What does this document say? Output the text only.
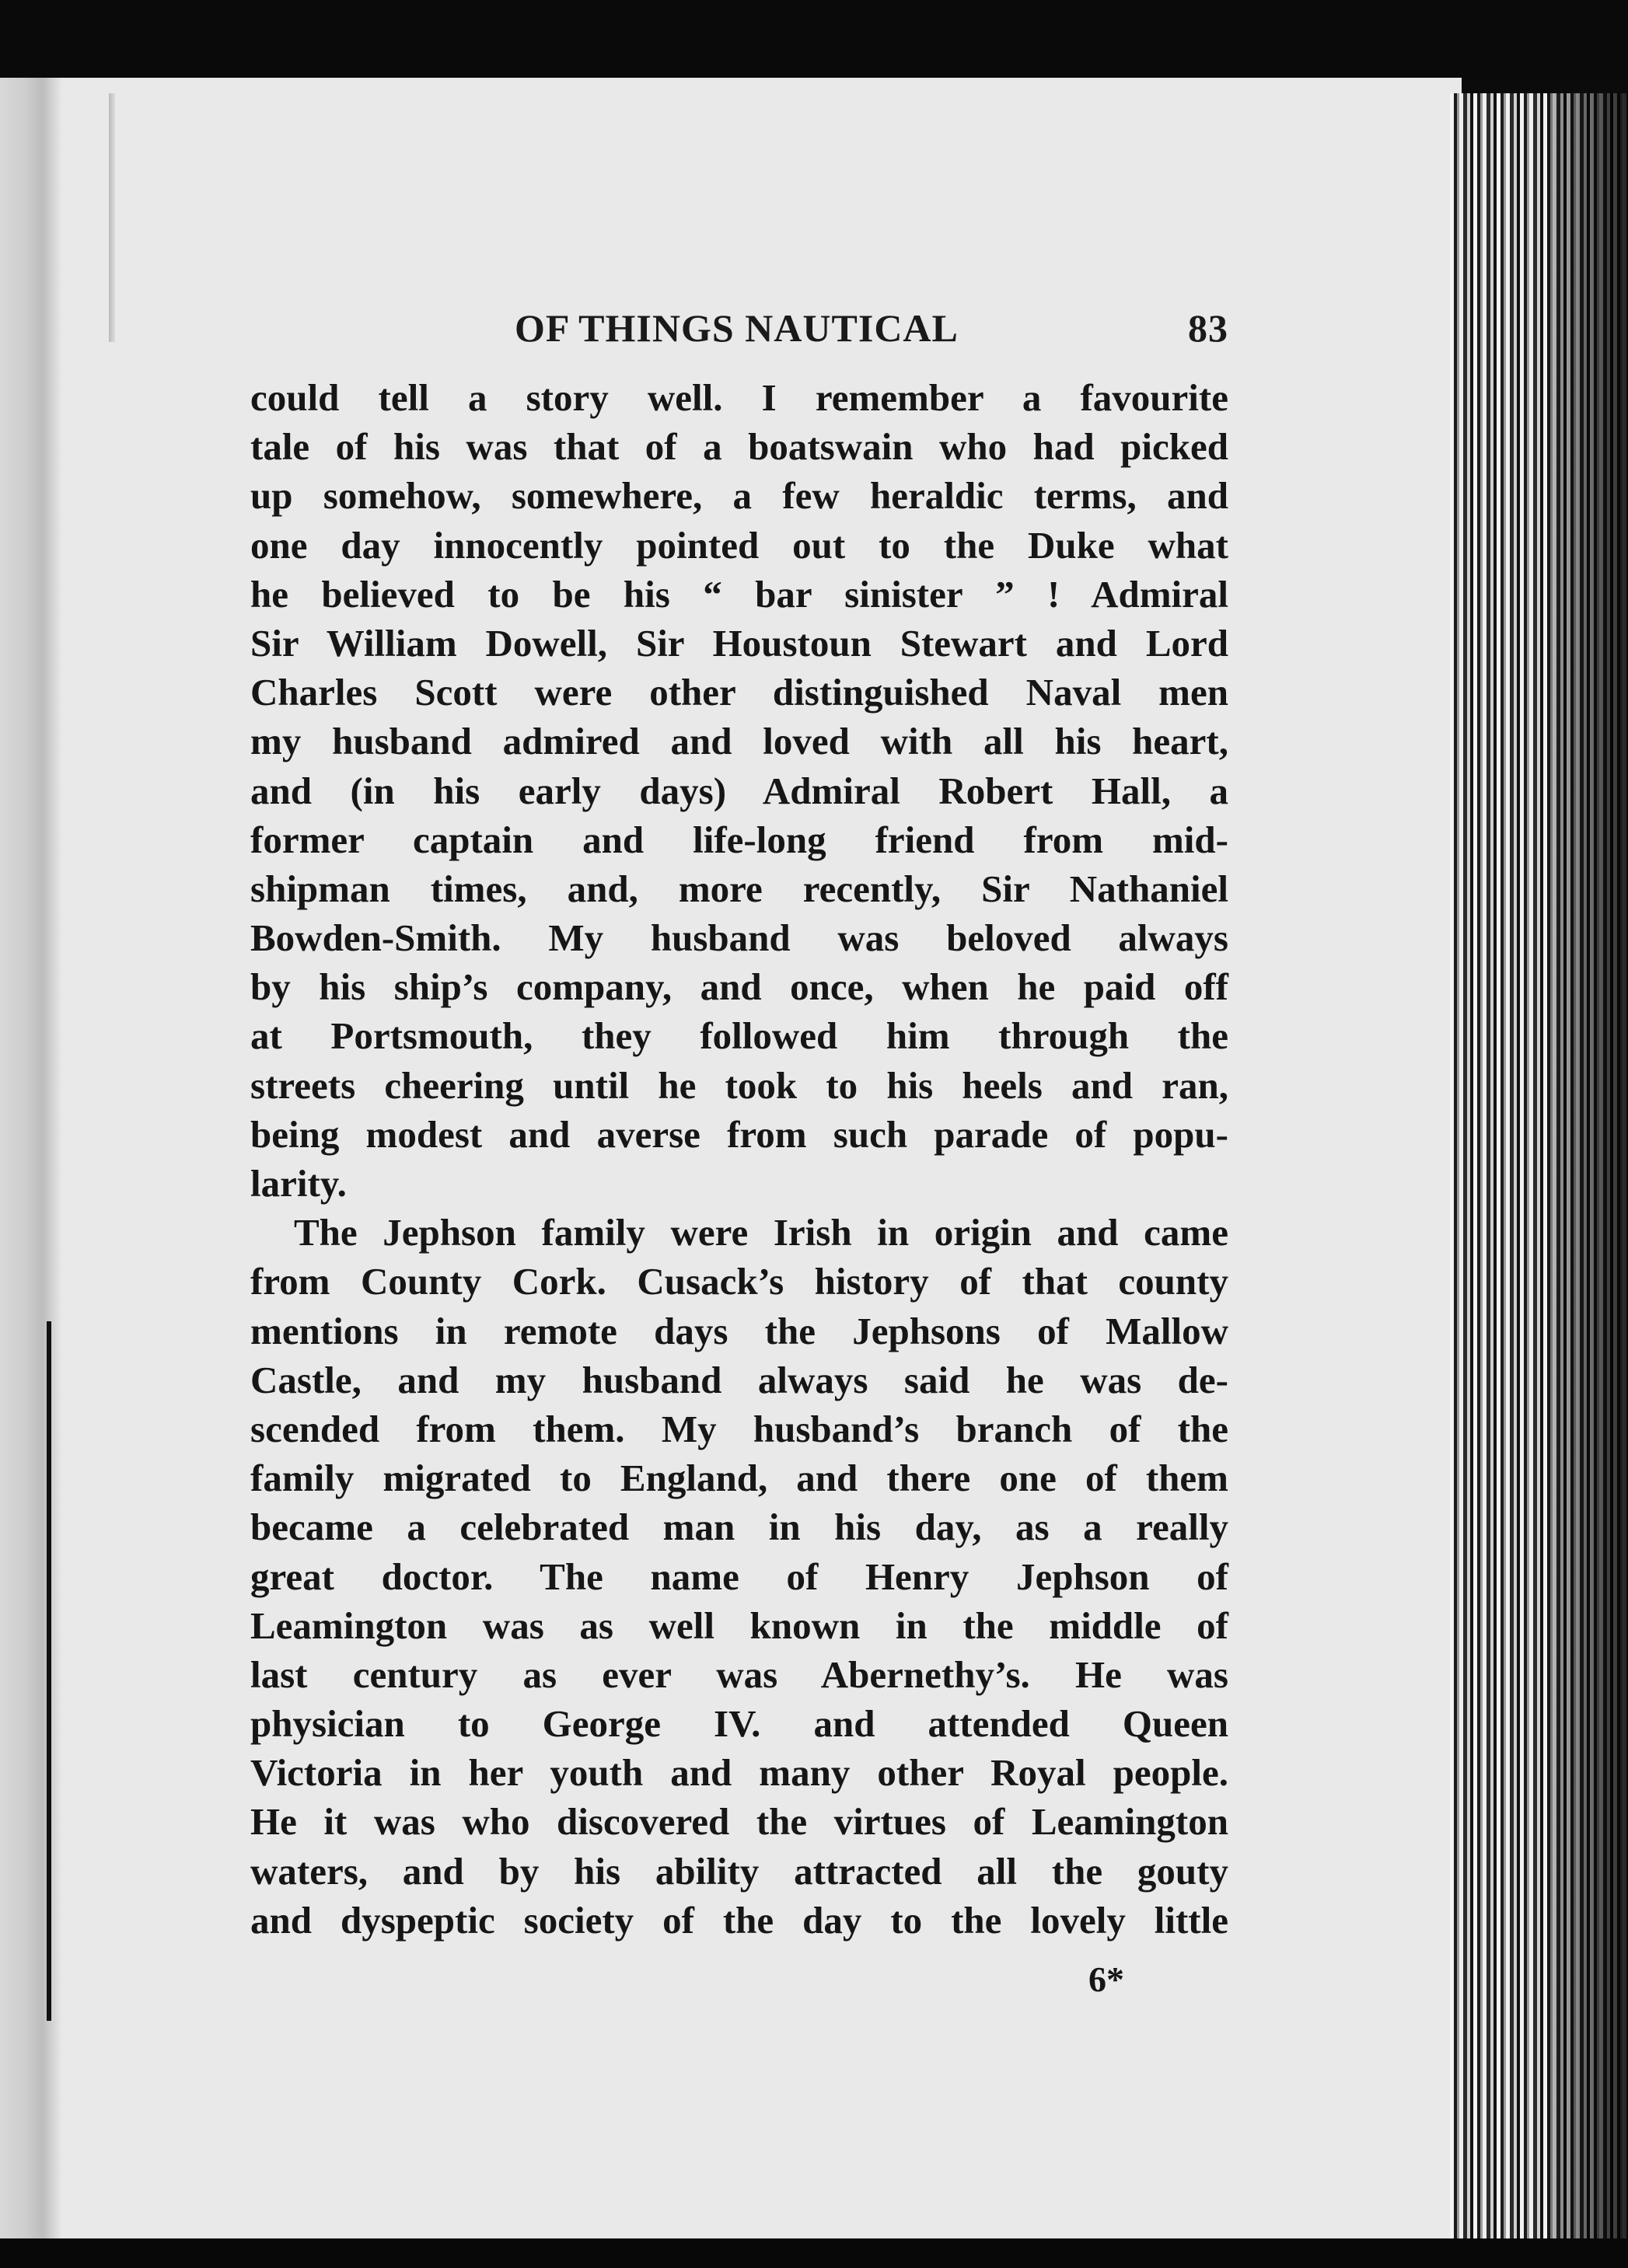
OF THINGS NAUTICAL	83
could tell a story well. I remember a favourite
tale of his was that of a boatswain who had picked
up somehow, somewhere, a few heraldic terms, and
one day innocently pointed out to the Duke what
he believed to be his “ bar sinister ” ! Admiral
Sir William Dowell, Sir Houstoun Stewart and Lord
Charles Scott were other distinguished Naval men
my husband admired and loved with all his heart,
and (in his early days) Admiral Robert Hall, a
former captain and life-long friend from mid-
shipman times, and, more recently, Sir Nathaniel
Bowden-Smith. My husband was beloved always
by his ship’s company, and once, when he paid off
at Portsmouth, they followed him through the
streets cheering until he took to his heels and ran,
being modest and averse from such parade of popu-
larity.
The Jephson family were Irish in origin and came
from County Cork. Cusack’s history of that county
mentions in remote days the Jephsons of Mallow
Castle, and my husband always said he was de-
scended from them. My husband’s branch of the
family migrated to England, and there one of them
became a celebrated man in his day, as a really
great doctor. The name of Henry Jephson of
Leamington was as well known in the middle of
last century as ever was Abernethy’s. He was
physician to George IV. and attended Queen
Victoria in her youth and many other Royal people.
He it was who discovered the virtues of Leamington
waters, and by his ability attracted all the gouty
and dyspeptic society of the day to the lovely little
6*
